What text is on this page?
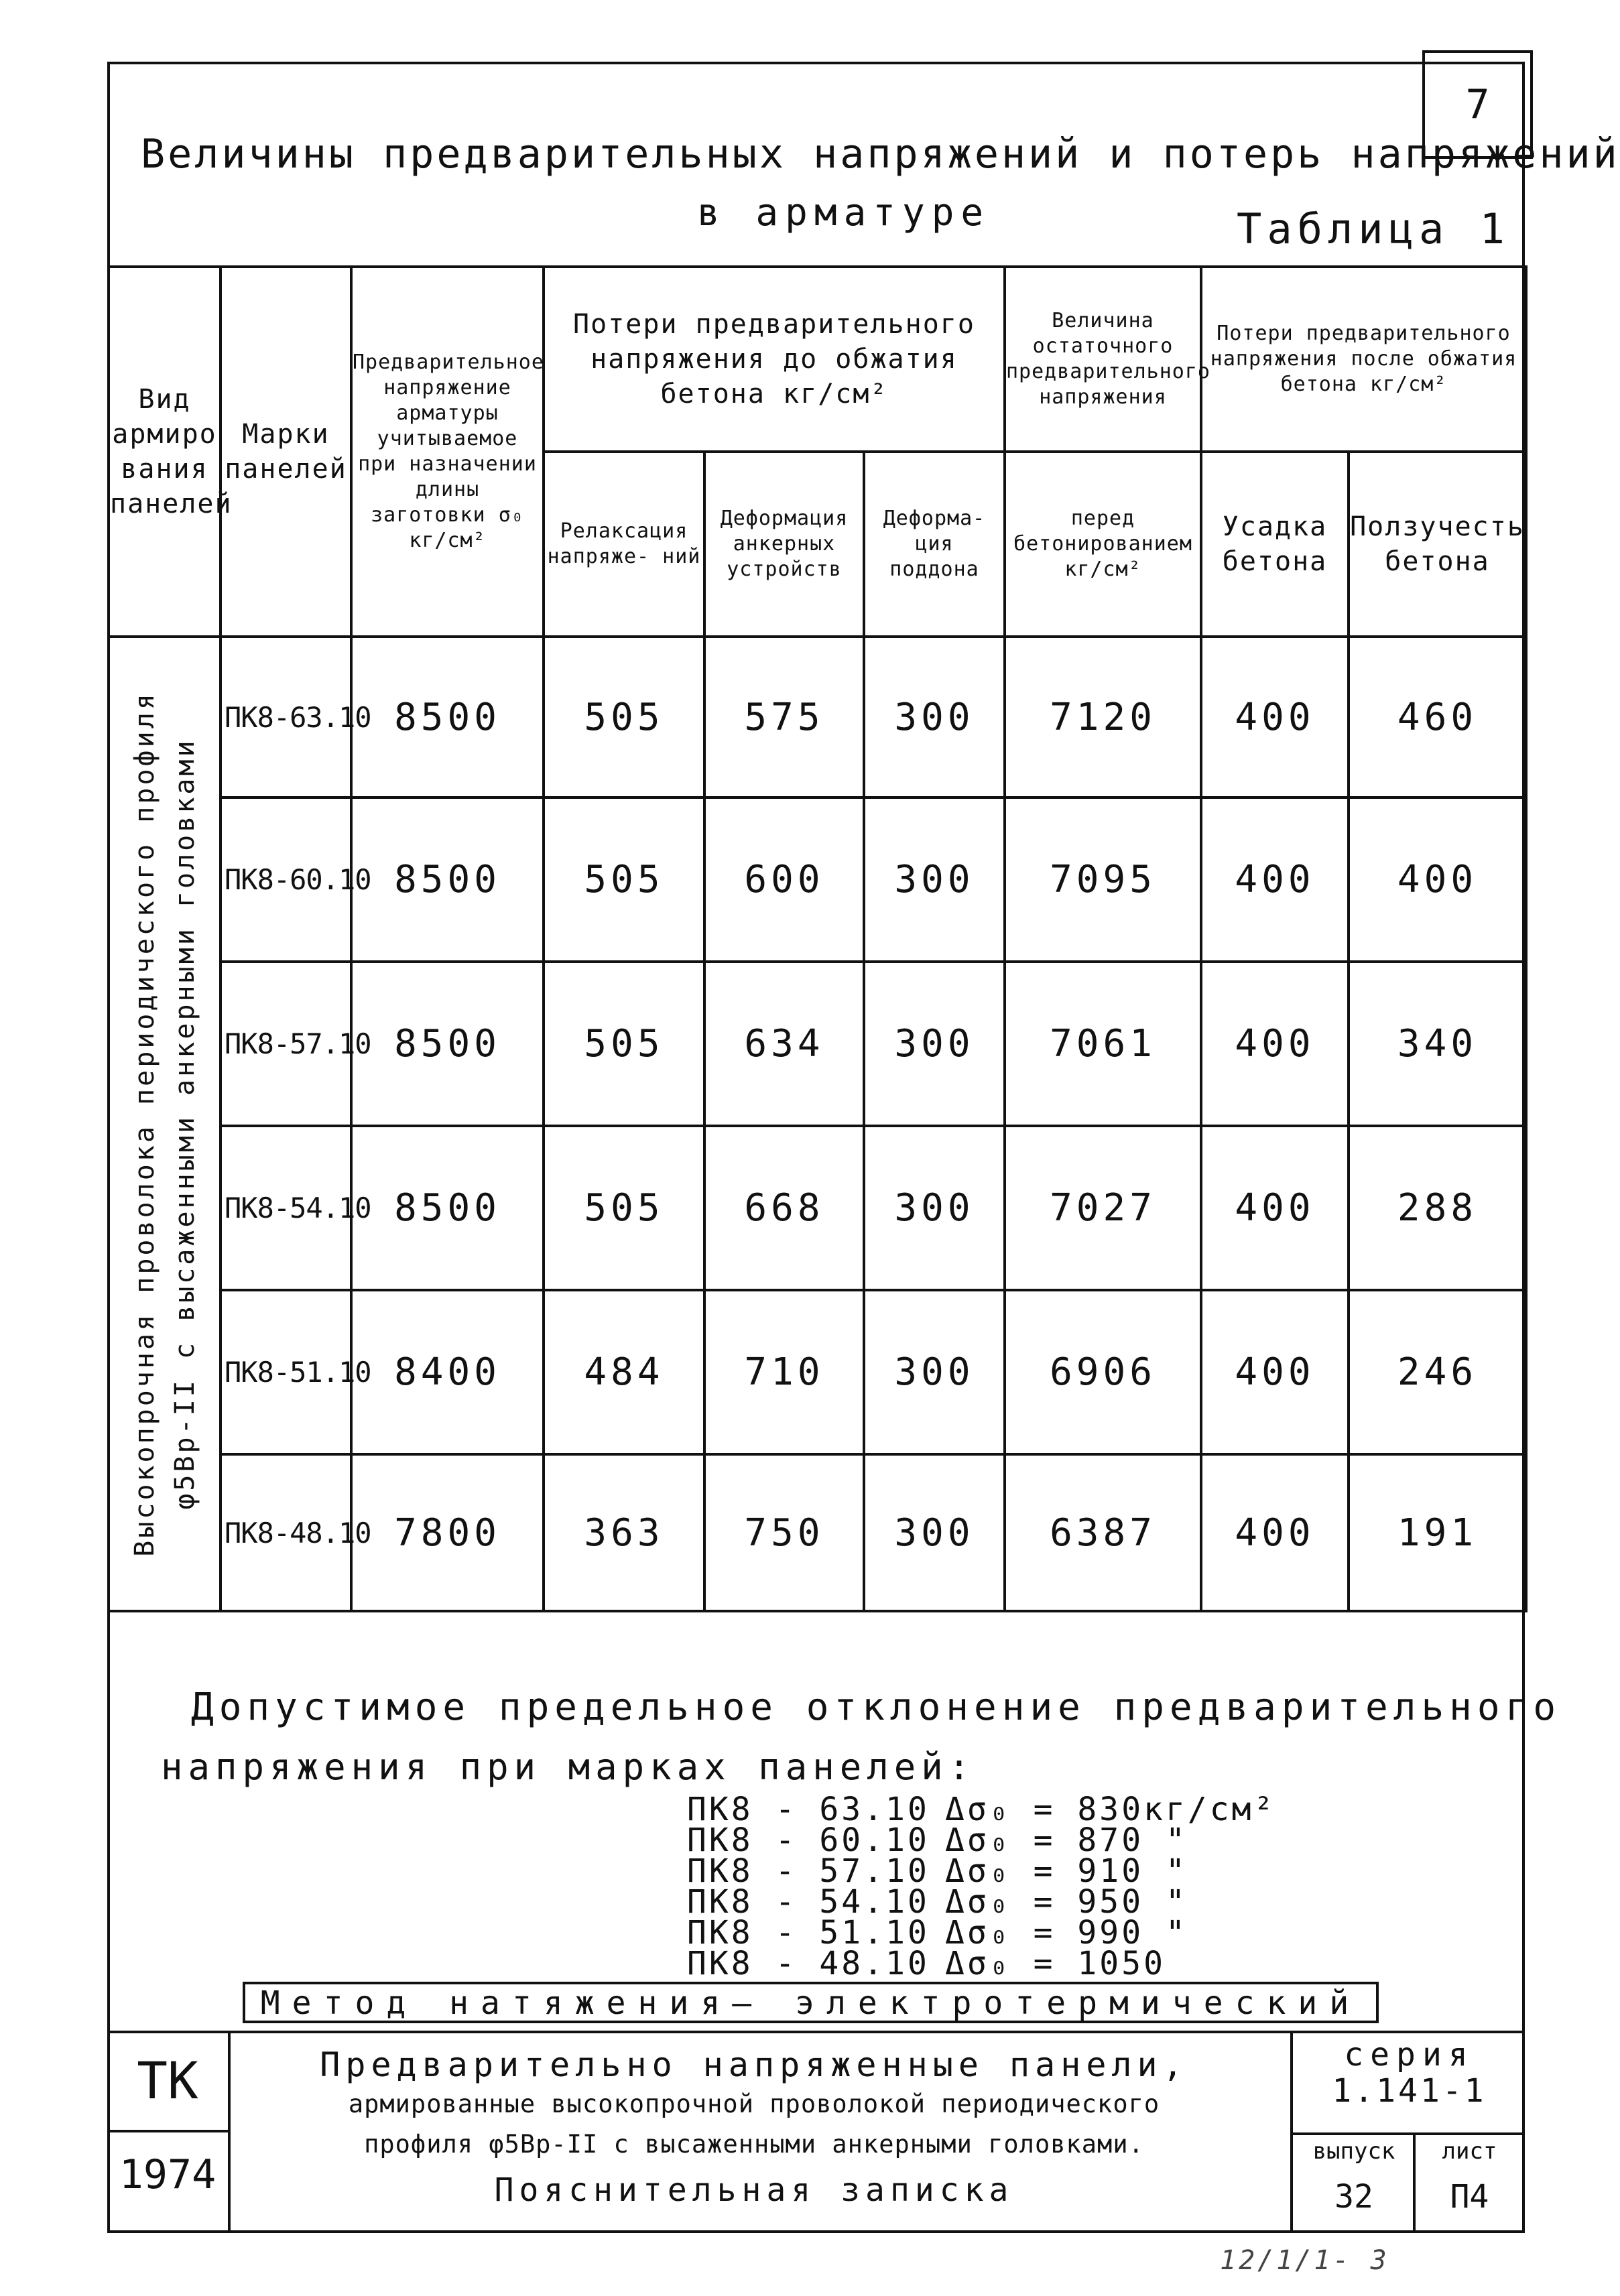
7
Величины предварительных напряжений и потерь напряжений
в арматуре	Таблица 1
Вид армиро вания панелей	Марки панелей	Предварительное напряжение арматуры учитываемое при назначении длины заготовки σ₀ кг/см²	Потери предварительного напряжения до обжатия бетона кг/см²			Величина остаточного предварительного напряжения	Потери предварительного напряжения после обжатия бетона кг/см²	
			Релаксация напряже- ний	Деформация анкерных устройств	Деформа- ция поддона	перед бетонированием кг/см²	Усадка бетона	Ползучесть бетона

Высокопрочная проволока периодического профиля φ5Вр-II с высаженными анкерными головками	ПК8-63.10	8500	505	575	300	7120	400	460
	ПК8-60.10	8500	505	600	300	7095	400	400
	ПК8-57.10	8500	505	634	300	7061	400	340
	ПК8-54.10	8500	505	668	300	7027	400	288
	ПК8-51.10	8400	484	710	300	6906	400	246
	ПК8-48.10	7800	363	750	300	6387	400	191
Допустимое предельное отклонение предварительного
напряжения при марках панелей:
ПК8 - 63.10 Δσ₀ = 830кг/см²
ПК8 - 60.10 Δσ₀ = 870 "
ПК8 - 57.10 Δσ₀ = 910 "
ПК8 - 54.10 Δσ₀ = 950 "
ПК8 - 51.10 Δσ₀ = 990 "
ПК8 - 48.10 Δσ₀ = 1050
Метод натяжения— электротермический
ТК
1974
Предварительно напряженные панели,
армированные высокопрочной проволокой периодического
профиля φ5Вр-II с высаженными анкерными головками.
Пояснительная записка
серия
1.141-1
выпуск	лист
32	П4
12/1/1- 3
